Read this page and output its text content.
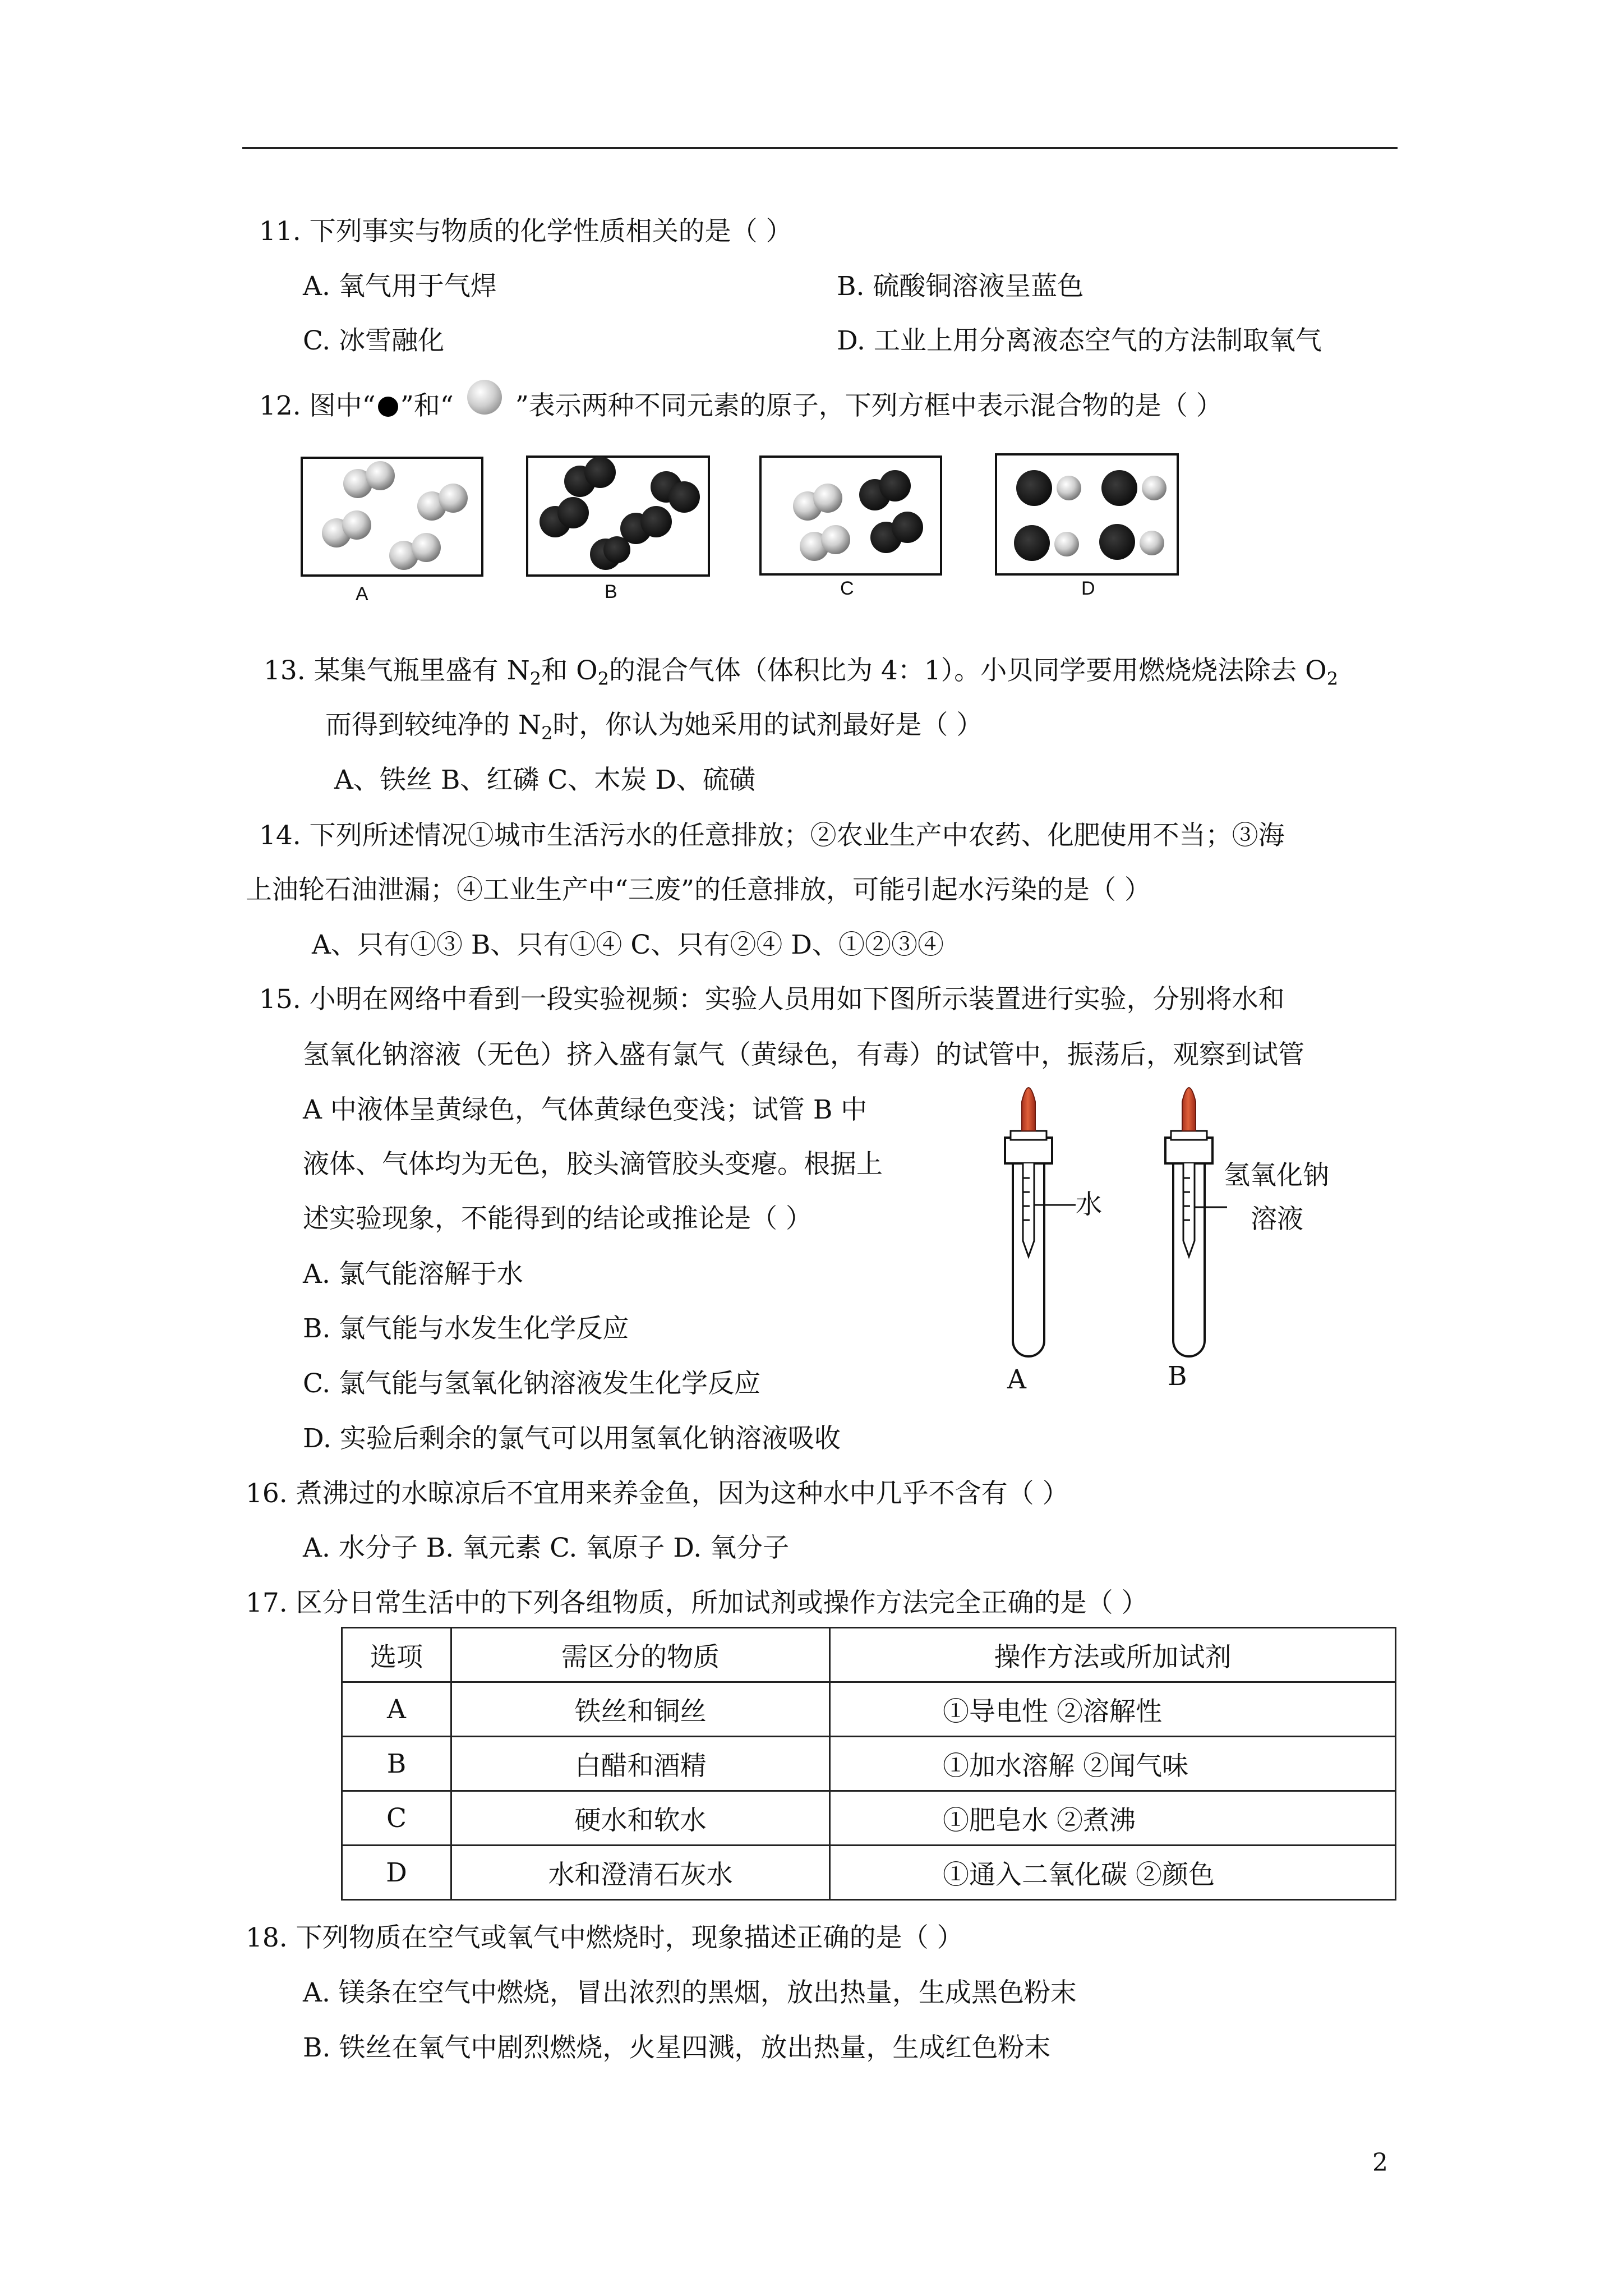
11. 下列事实与物质的化学性质相关的是（ ）
A. 氧气用于气焊	B. 硫酸铜溶液呈蓝色
C. 冰雪融化	D. 工业上用分离液态空气的方法制取氧气
12. 图中“ ”和“ ”表示两种不同元素的原子，下列方框中表示混合物的是（ ）
A	B	C	D
13. 某集气瓶里盛有 $N_2$和 $O_2$的混合气体（体积比为 4：1）。小贝同学要用燃烧烧法除去 $O_2$
而得到较纯净的 $N_2$时，你认为她采用的试剂最好是（ ）
A、铁丝 B、红磷 C、木炭 D、硫磺
14. 下列所述情况①城市生活污水的任意排放；②农业生产中农药、化肥使用不当；③海
上油轮石油泄漏；④工业生产中“三废”的任意排放，可能引起水污染的是（ ）
A、只有①③ B、只有①④ C、只有②④ D、①②③④
15. 小明在网络中看到一段实验视频：实验人员用如下图所示装置进行实验，分别将水和
氢氧化钠溶液（无色）挤入盛有氯气（黄绿色，有毒）的试管中，振荡后，观察到试管
A 中液体呈黄绿色，气体黄绿色变浅；试管 B 中
液体、气体均为无色，胶头滴管胶头变瘪。根据上
述实验现象，不能得到的结论或推论是（ ）
A. 氯气能溶解于水
B. 氯气能与水发生化学反应
C. 氯气能与氢氧化钠溶液发生化学反应
D. 实验后剩余的氯气可以用氢氧化钠溶液吸收
水
氢氧化钠
溶液
A	B
16. 煮沸过的水晾凉后不宜用来养金鱼，因为这种水中几乎不含有（ ）
A. 水分子 B. 氧元素 C. 氧原子 D. 氧分子
17. 区分日常生活中的下列各组物质，所加试剂或操作方法完全正确的是（ ）
选项	需区分的物质	操作方法或所加试剂
A	铁丝和铜丝	①导电性 ②溶解性
B	白醋和酒精	①加水溶解 ②闻气味
C	硬水和软水	①肥皂水 ②煮沸
D	水和澄清石灰水	①通入二氧化碳 ②颜色
18. 下列物质在空气或氧气中燃烧时，现象描述正确的是（ ）
A. 镁条在空气中燃烧，冒出浓烈的黑烟，放出热量，生成黑色粉末
B. 铁丝在氧气中剧烈燃烧，火星四溅，放出热量，生成红色粉末
2
